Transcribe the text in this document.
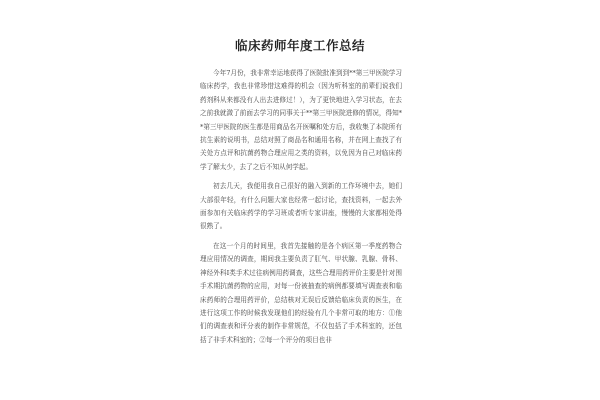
临床药师年度工作总结

今年7月份，我非常幸运地获得了医院批准到到**第三甲医院学习临床药学，我也非常珍惜这难得的机会（因为听科室的前辈们说我们药剂科从来都没有人出去进修过！），为了更快地进入学习状态，在去之前我就溦了前面去学习的同事关于**第三甲医院进修的情况，得知**第三甲医院的医生都是用商品名开医嘱和处方后，我收集了本院所有抗生素的说明书，总结对照了商品名和通用名称，并在网上查找了有关处方点评和抗菌药物合理应用之类的资料，以免因为自己对临床药学了解太少，去了之后不知从何学起。

初去几天，我便用我自己很好的融入到新的工作环境中去，她们大部很年轻，有什么问题大家也经常一起讨论，查找资料，一起去外面参加有关临床药学的学习班或者听专家讲座，慢慢的大家都相处得很熟了。

在这一个月的时间里，我首先接触的是各个病区第一季度药物合理应用情况的调查，期间我主要负责了肛气、甲状腺、乳腺、骨科、神经外科Ⅰ类手术过往病例用药调查，这些合理用药评价主要是针对围手术期抗菌药物的应用，对每一份被抽查的病例都要填写调查表和临床药师的合理用药评价，总结核对无误后反馈给临床负责的医生，在进行这项工作的时候我发现他们的经验有几个非常可取的地方：①他们的调查表和评分表的制作非常规范，不仅包括了手术科室的，还包括了非手术科室的；②每一个评分的项目也非
